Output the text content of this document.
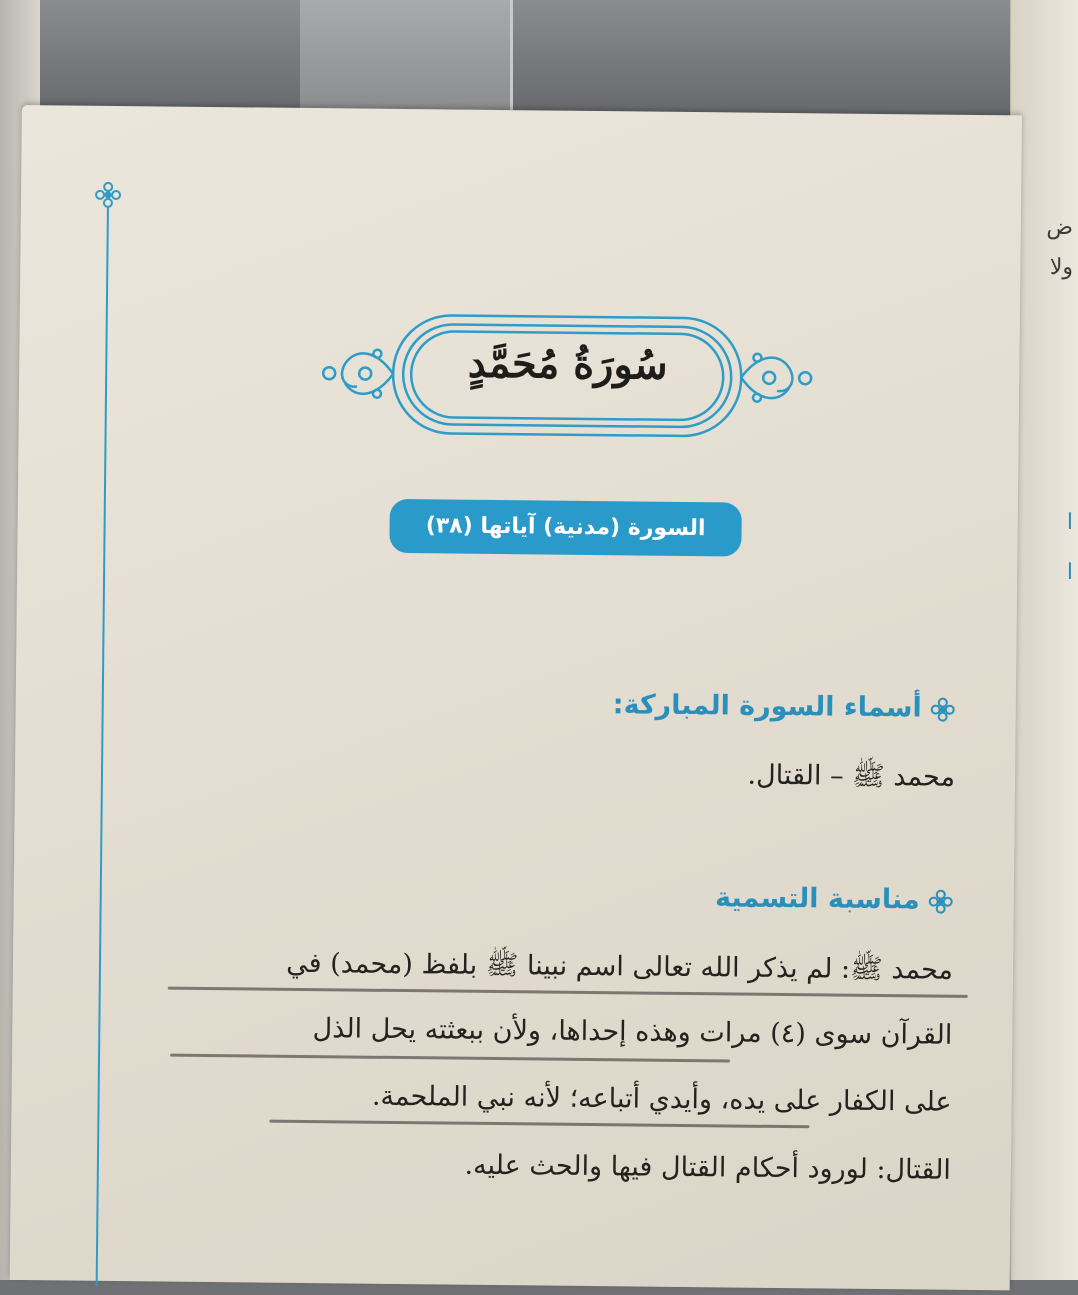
ض
ولا
ا
ا
سُورَةُ مُحَمَّدٍ
السورة (مدنية) آياتها (٣٨)
أسماء السورة المباركة:
محمد ﷺ – القتال.
مناسبة التسمية
محمد ﷺ: لم يذكر الله تعالى اسم نبينا ﷺ بلفظ (محمد) في
القرآن سوى (٤) مرات وهذه إحداها، ولأن ببعثته يحل الذل
على الكفار على يده، وأيدي أتباعه؛ لأنه نبي الملحمة.
القتال: لورود أحكام القتال فيها والحث عليه.
